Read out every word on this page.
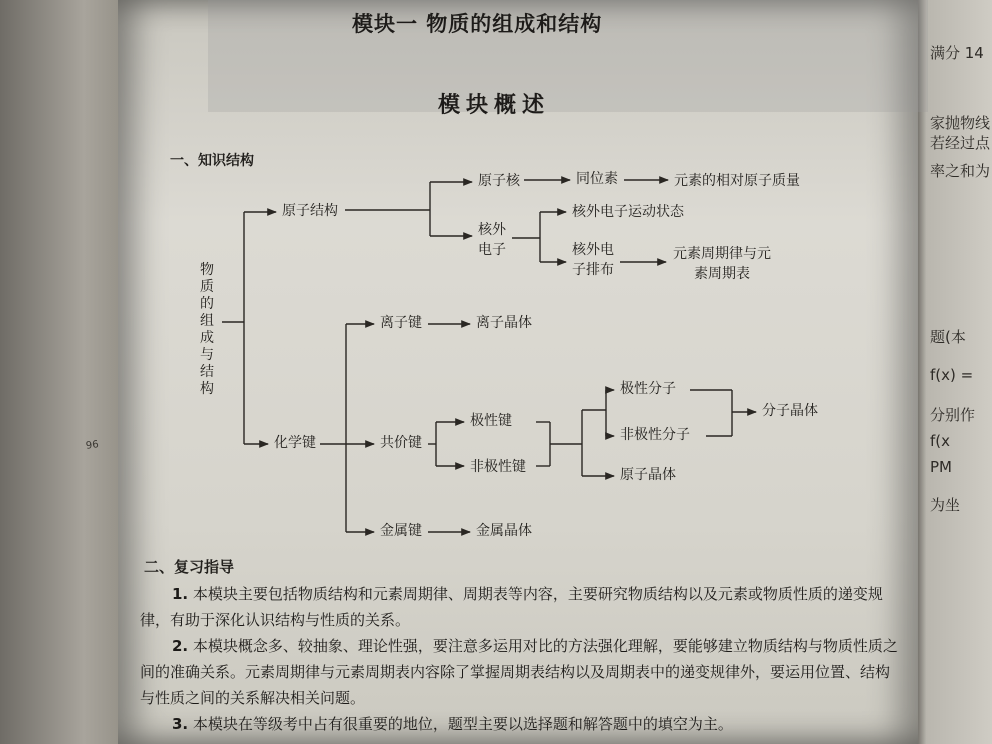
96
满分 14
家抛物线
若经过点
率之和为
题(本
f(x) =
分别作
f(x
PM
为坐
模块一 物质的组成和结构
模块概述
一、知识结构
物质的组成与结构
原子结构
原子核	同位素	元素的相对原子质量
核外电子
核外电子运动状态
核外电子排布
元素周期律与元素周期表
化学键
离子键	离子晶体
共价键
极性键
非极性键
极性分子
非极性分子
分子晶体
原子晶体
金属键	金属晶体
二、复习指导
1. 本模块主要包括物质结构和元素周期律、周期表等内容，主要研究物质结构以及元素或物质性质的递变规律，有助于深化认识结构与性质的关系。
2. 本模块概念多、较抽象、理论性强，要注意多运用对比的方法强化理解，要能够建立物质结构与物质性质之间的准确关系。元素周期律与元素周期表内容除了掌握周期表结构以及周期表中的递变规律外，要运用位置、结构与性质之间的关系解决相关问题。
3. 本模块在等级考中占有很重要的地位，题型主要以选择题和解答题中的填空为主。
